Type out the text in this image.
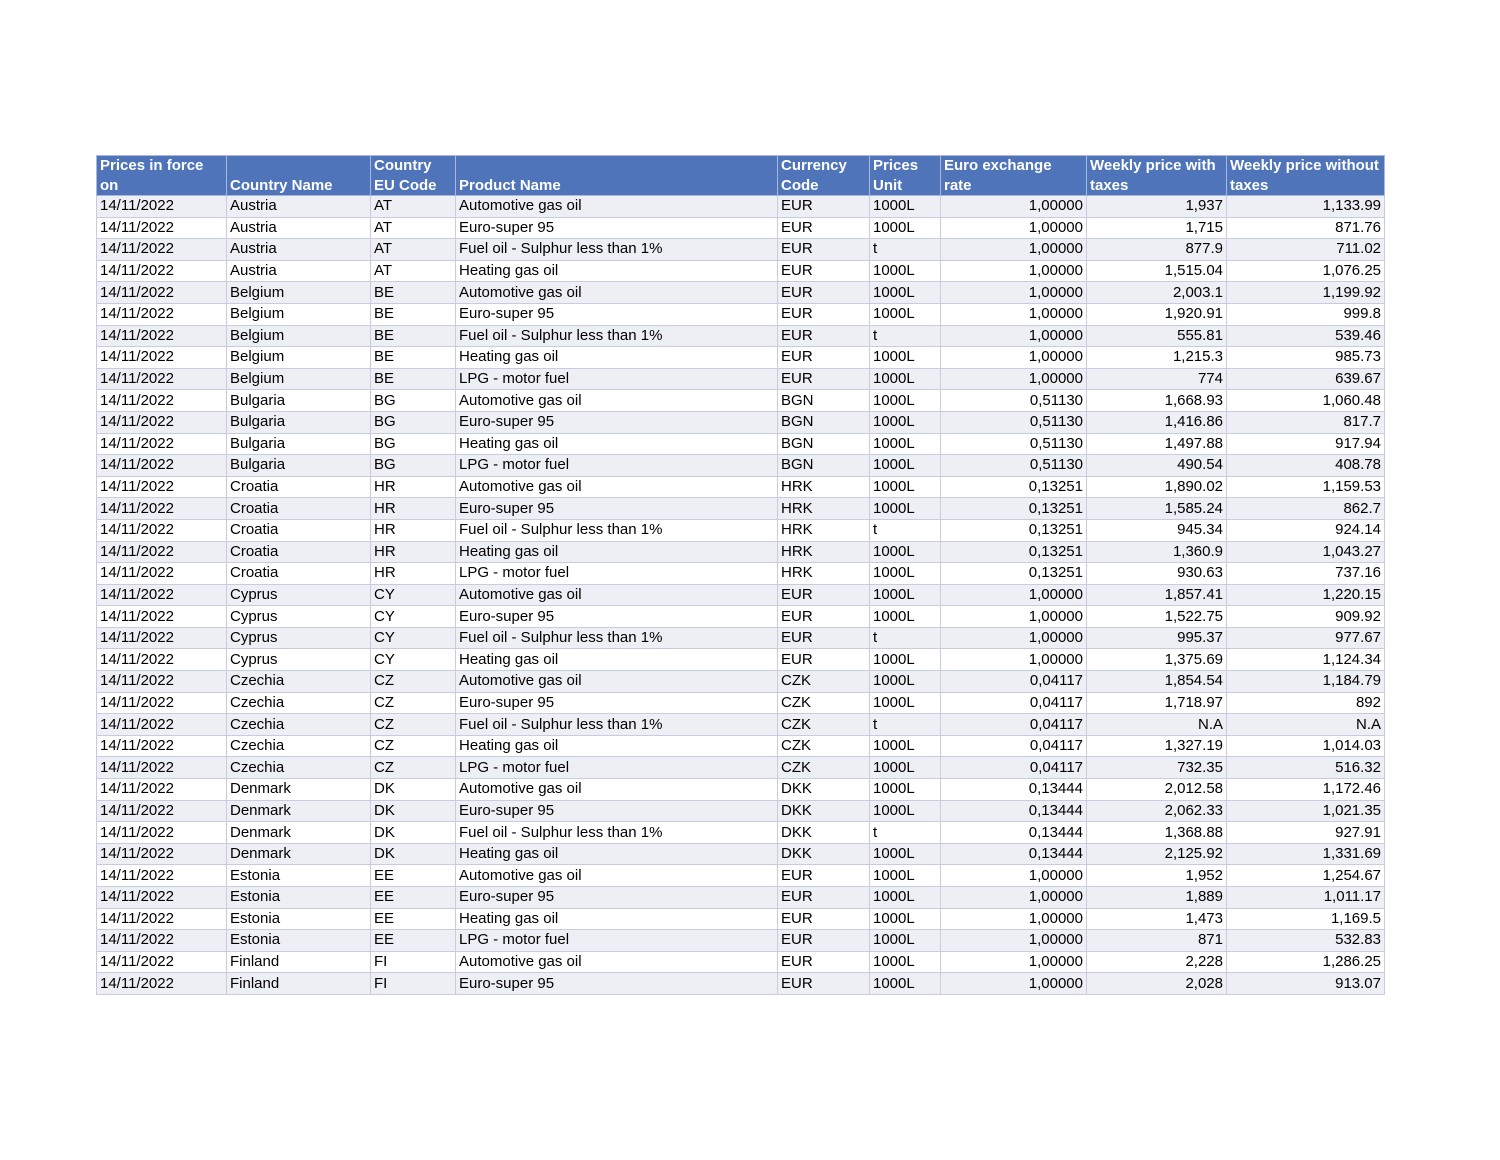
Prices in force on	Country Name	Country EU Code	Product Name	Currency Code	Prices Unit	Euro exchange rate	Weekly price with taxes	Weekly price without taxes
14/11/2022	Austria	AT	Automotive gas oil	EUR	1000L	1,00000	1,937	1,133.99
14/11/2022	Austria	AT	Euro-super 95	EUR	1000L	1,00000	1,715	871.76
14/11/2022	Austria	AT	Fuel oil - Sulphur less than 1%	EUR	t	1,00000	877.9	711.02
14/11/2022	Austria	AT	Heating gas oil	EUR	1000L	1,00000	1,515.04	1,076.25
14/11/2022	Belgium	BE	Automotive gas oil	EUR	1000L	1,00000	2,003.1	1,199.92
14/11/2022	Belgium	BE	Euro-super 95	EUR	1000L	1,00000	1,920.91	999.8
14/11/2022	Belgium	BE	Fuel oil - Sulphur less than 1%	EUR	t	1,00000	555.81	539.46
14/11/2022	Belgium	BE	Heating gas oil	EUR	1000L	1,00000	1,215.3	985.73
14/11/2022	Belgium	BE	LPG - motor fuel	EUR	1000L	1,00000	774	639.67
14/11/2022	Bulgaria	BG	Automotive gas oil	BGN	1000L	0,51130	1,668.93	1,060.48
14/11/2022	Bulgaria	BG	Euro-super 95	BGN	1000L	0,51130	1,416.86	817.7
14/11/2022	Bulgaria	BG	Heating gas oil	BGN	1000L	0,51130	1,497.88	917.94
14/11/2022	Bulgaria	BG	LPG - motor fuel	BGN	1000L	0,51130	490.54	408.78
14/11/2022	Croatia	HR	Automotive gas oil	HRK	1000L	0,13251	1,890.02	1,159.53
14/11/2022	Croatia	HR	Euro-super 95	HRK	1000L	0,13251	1,585.24	862.7
14/11/2022	Croatia	HR	Fuel oil - Sulphur less than 1%	HRK	t	0,13251	945.34	924.14
14/11/2022	Croatia	HR	Heating gas oil	HRK	1000L	0,13251	1,360.9	1,043.27
14/11/2022	Croatia	HR	LPG - motor fuel	HRK	1000L	0,13251	930.63	737.16
14/11/2022	Cyprus	CY	Automotive gas oil	EUR	1000L	1,00000	1,857.41	1,220.15
14/11/2022	Cyprus	CY	Euro-super 95	EUR	1000L	1,00000	1,522.75	909.92
14/11/2022	Cyprus	CY	Fuel oil - Sulphur less than 1%	EUR	t	1,00000	995.37	977.67
14/11/2022	Cyprus	CY	Heating gas oil	EUR	1000L	1,00000	1,375.69	1,124.34
14/11/2022	Czechia	CZ	Automotive gas oil	CZK	1000L	0,04117	1,854.54	1,184.79
14/11/2022	Czechia	CZ	Euro-super 95	CZK	1000L	0,04117	1,718.97	892
14/11/2022	Czechia	CZ	Fuel oil - Sulphur less than 1%	CZK	t	0,04117	N.A	N.A
14/11/2022	Czechia	CZ	Heating gas oil	CZK	1000L	0,04117	1,327.19	1,014.03
14/11/2022	Czechia	CZ	LPG - motor fuel	CZK	1000L	0,04117	732.35	516.32
14/11/2022	Denmark	DK	Automotive gas oil	DKK	1000L	0,13444	2,012.58	1,172.46
14/11/2022	Denmark	DK	Euro-super 95	DKK	1000L	0,13444	2,062.33	1,021.35
14/11/2022	Denmark	DK	Fuel oil - Sulphur less than 1%	DKK	t	0,13444	1,368.88	927.91
14/11/2022	Denmark	DK	Heating gas oil	DKK	1000L	0,13444	2,125.92	1,331.69
14/11/2022	Estonia	EE	Automotive gas oil	EUR	1000L	1,00000	1,952	1,254.67
14/11/2022	Estonia	EE	Euro-super 95	EUR	1000L	1,00000	1,889	1,011.17
14/11/2022	Estonia	EE	Heating gas oil	EUR	1000L	1,00000	1,473	1,169.5
14/11/2022	Estonia	EE	LPG - motor fuel	EUR	1000L	1,00000	871	532.83
14/11/2022	Finland	FI	Automotive gas oil	EUR	1000L	1,00000	2,228	1,286.25
14/11/2022	Finland	FI	Euro-super 95	EUR	1000L	1,00000	2,028	913.07
